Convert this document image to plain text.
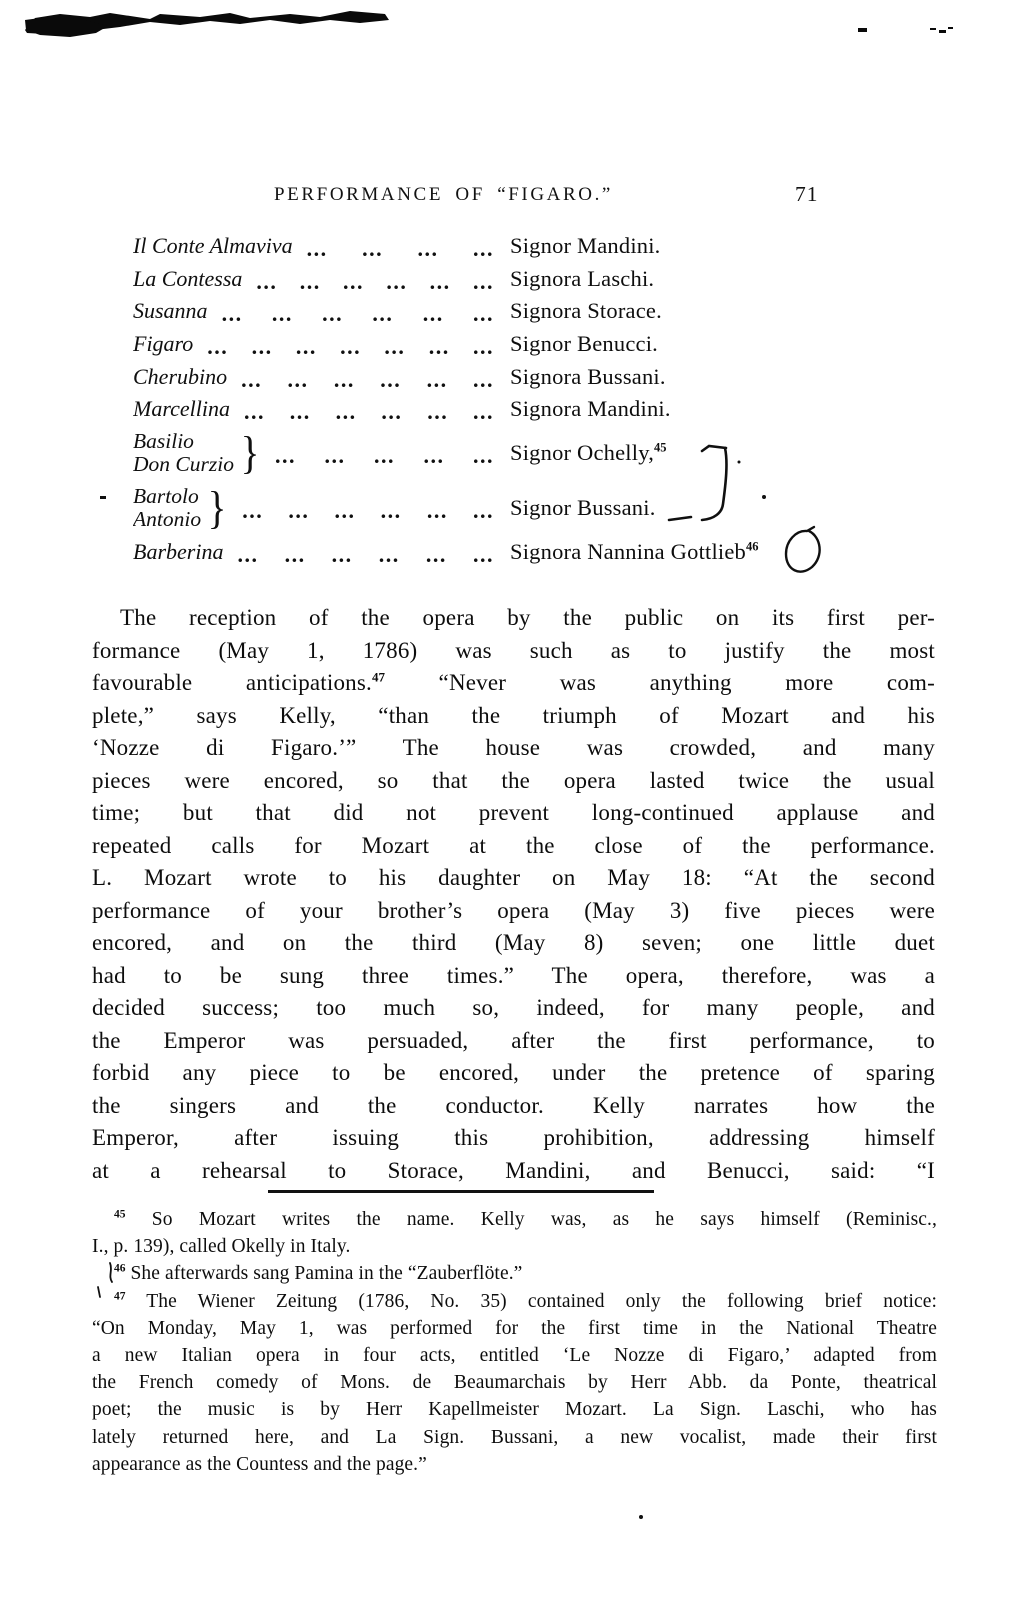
PERFORMANCE OF “FIGARO.”	71
Il Conte Almaviva ... ... ... ... Signor Mandini.
La Contessa ... ... ... ... ... ... Signora Laschi.
Susanna ... ... ... ... ... ... Signora Storace.
Figaro ... ... ... ... ... ... ... Signor Benucci.
Cherubino ... ... ... ... ... ... Signora Bussani.
Marcellina ... ... ... ... ... ... Signora Mandini.
Basilio
Don Curzio } ... ... ... ... ... Signor Ochelly,$^{45}$
Bartolo
Antonio } ... ... ... ... ... ... Signor Bussani.
Barberina ... ... ... ... ... ... Signora Nannina Gottlieb$^{46}$
The reception of the opera by the public on its first per-
formance (May 1, 1786) was such as to justify the most
favourable anticipations.$^{47}$ “Never was anything more com-
plete,” says Kelly, “than the triumph of Mozart and his
‘Nozze di Figaro.’” The house was crowded, and many
pieces were encored, so that the opera lasted twice the usual
time; but that did not prevent long-continued applause and
repeated calls for Mozart at the close of the performance.
L. Mozart wrote to his daughter on May 18: “At the second
performance of your brother’s opera (May 3) five pieces were
encored, and on the third (May 8) seven; one little duet
had to be sung three times.” The opera, therefore, was a
decided success; too much so, indeed, for many people, and
the Emperor was persuaded, after the first performance, to
forbid any piece to be encored, under the pretence of sparing
the singers and the conductor. Kelly narrates how the
Emperor, after issuing this prohibition, addressing himself
at a rehearsal to Storace, Mandini, and Benucci, said: “I
$^{45}$ So Mozart writes the name. Kelly was, as he says himself (Reminisc.,
I., p. 139), called Okelly in Italy.
$^{46}$ She afterwards sang Pamina in the “Zauberflöte.”
$^{47}$ The Wiener Zeitung (1786, No. 35) contained only the following brief notice:
“On Monday, May 1, was performed for the first time in the National Theatre
a new Italian opera in four acts, entitled ‘Le Nozze di Figaro,’ adapted from
the French comedy of Mons. de Beaumarchais by Herr Abb. da Ponte, theatrical
poet; the music is by Herr Kapellmeister Mozart. La Sign. Laschi, who has
lately returned here, and La Sign. Bussani, a new vocalist, made their first
appearance as the Countess and the page.”
